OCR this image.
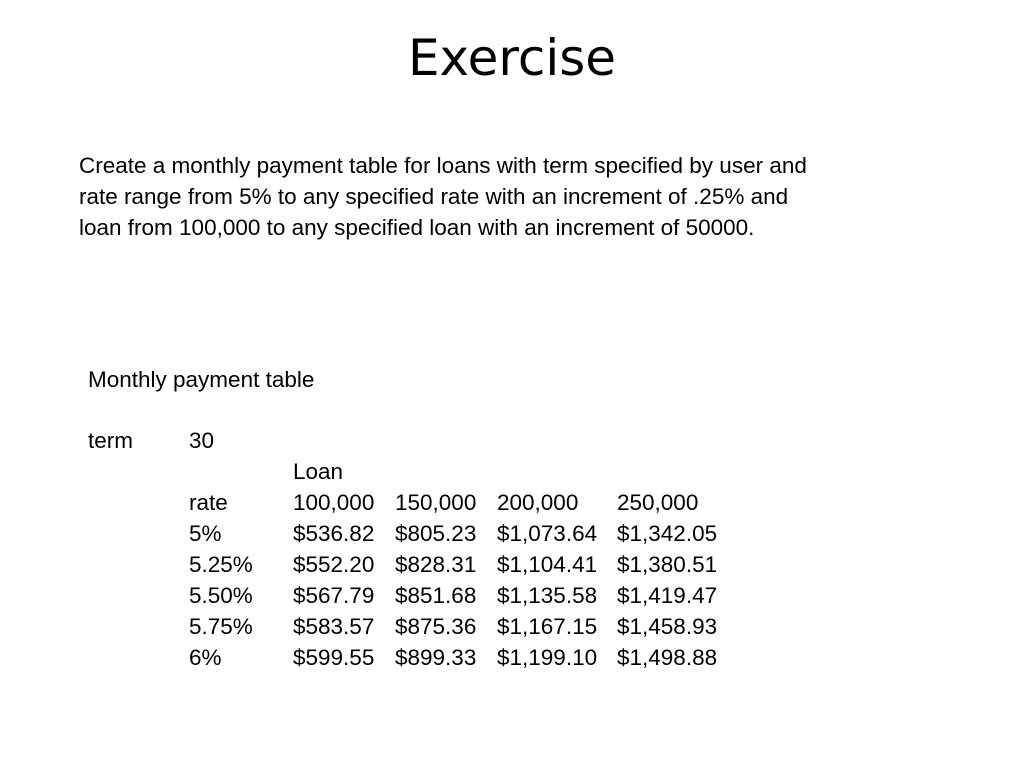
Exercise
Create a monthly payment table for loans with term specified by user and
rate range from 5% to any specified rate with an increment of .25% and
loan from 100,000 to any specified loan with an increment of 50000.
Monthly payment table
term 30
Loan
rate	100,000 150,000 200,000 250,000
5%	$536.82 $805.23 $1,073.64 $1,342.05
5.25% $552.20 $828.31 $1,104.41 $1,380.51
5.50% $567.79 $851.68 $1,135.58 $1,419.47
5.75% $583.57 $875.36 $1,167.15 $1,458.93
6%	$599.55 $899.33 $1,199.10 $1,498.88
